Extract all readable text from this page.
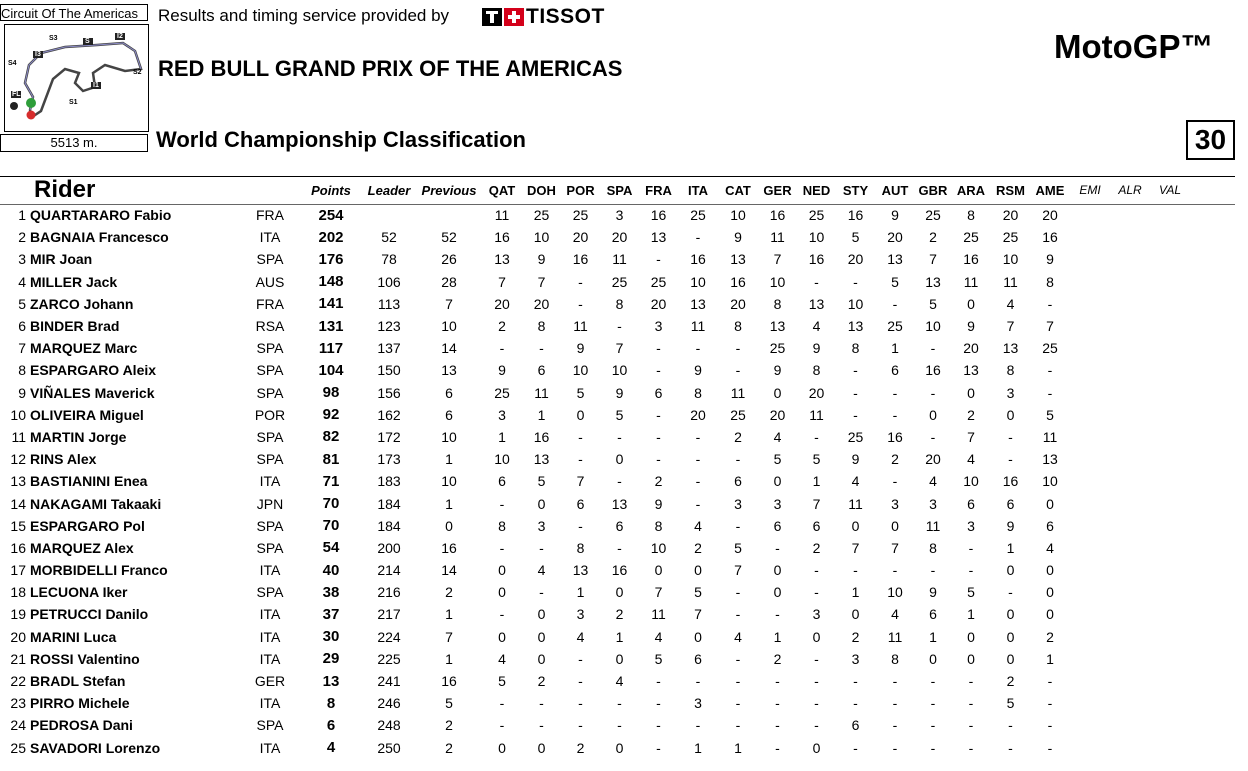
Circuit Of The Americas
S3	S
I2
I3
S4
S2
I1
FL
S1
5513 m.
Results and timing service provided by	TISSOT
RED BULL GRAND PRIX OF THE AMERICAS
MotoGP™
World Championship Classification	30
Rider			Points	Leader	Previous	QAT	DOH	POR	SPA	FRA	ITA	CAT	GER	NED	STY	AUT	GBR	ARA	RSM	AME	EMI	ALR	VAL
1	QUARTARARO Fabio	FRA	254			11	25	25	3	16	25	10	16	25	16	9	25	8	20	20			
2	BAGNAIA Francesco	ITA	202	52	52	16	10	20	20	13	-	9	11	10	5	20	2	25	25	16			
3	MIR Joan	SPA	176	78	26	13	9	16	11	-	16	13	7	16	20	13	7	16	10	9			
4	MILLER Jack	AUS	148	106	28	7	7	-	25	25	10	16	10	-	-	5	13	11	11	8			
5	ZARCO Johann	FRA	141	113	7	20	20	-	8	20	13	20	8	13	10	-	5	0	4	-			
6	BINDER Brad	RSA	131	123	10	2	8	11	-	3	11	8	13	4	13	25	10	9	7	7			
7	MARQUEZ Marc	SPA	117	137	14	-	-	9	7	-	-	-	25	9	8	1	-	20	13	25			
8	ESPARGARO Aleix	SPA	104	150	13	9	6	10	10	-	9	-	9	8	-	6	16	13	8	-			
9	VIÑALES Maverick	SPA	98	156	6	25	11	5	9	6	8	11	0	20	-	-	-	0	3	-			
10	OLIVEIRA Miguel	POR	92	162	6	3	1	0	5	-	20	25	20	11	-	-	0	2	0	5			
11	MARTIN Jorge	SPA	82	172	10	1	16	-	-	-	-	2	4	-	25	16	-	7	-	11			
12	RINS Alex	SPA	81	173	1	10	13	-	0	-	-	-	5	5	9	2	20	4	-	13			
13	BASTIANINI Enea	ITA	71	183	10	6	5	7	-	2	-	6	0	1	4	-	4	10	16	10			
14	NAKAGAMI Takaaki	JPN	70	184	1	-	0	6	13	9	-	3	3	7	11	3	3	6	6	0			
15	ESPARGARO Pol	SPA	70	184	0	8	3	-	6	8	4	-	6	6	0	0	11	3	9	6			
16	MARQUEZ Alex	SPA	54	200	16	-	-	8	-	10	2	5	-	2	7	7	8	-	1	4			
17	MORBIDELLI Franco	ITA	40	214	14	0	4	13	16	0	0	7	0	-	-	-	-	-	0	0			
18	LECUONA Iker	SPA	38	216	2	0	-	1	0	7	5	-	0	-	1	10	9	5	-	0			
19	PETRUCCI Danilo	ITA	37	217	1	-	0	3	2	11	7	-	-	3	0	4	6	1	0	0			
20	MARINI Luca	ITA	30	224	7	0	0	4	1	4	0	4	1	0	2	11	1	0	0	2			
21	ROSSI Valentino	ITA	29	225	1	4	0	-	0	5	6	-	2	-	3	8	0	0	0	1			
22	BRADL Stefan	GER	13	241	16	5	2	-	4	-	-	-	-	-	-	-	-	-	2	-			
23	PIRRO Michele	ITA	8	246	5	-	-	-	-	-	3	-	-	-	-	-	-	-	5	-			
24	PEDROSA Dani	SPA	6	248	2	-	-	-	-	-	-	-	-	-	6	-	-	-	-	-			
25	SAVADORI Lorenzo	ITA	4	250	2	0	0	2	0	-	1	1	-	0	-	-	-	-	-	-			
